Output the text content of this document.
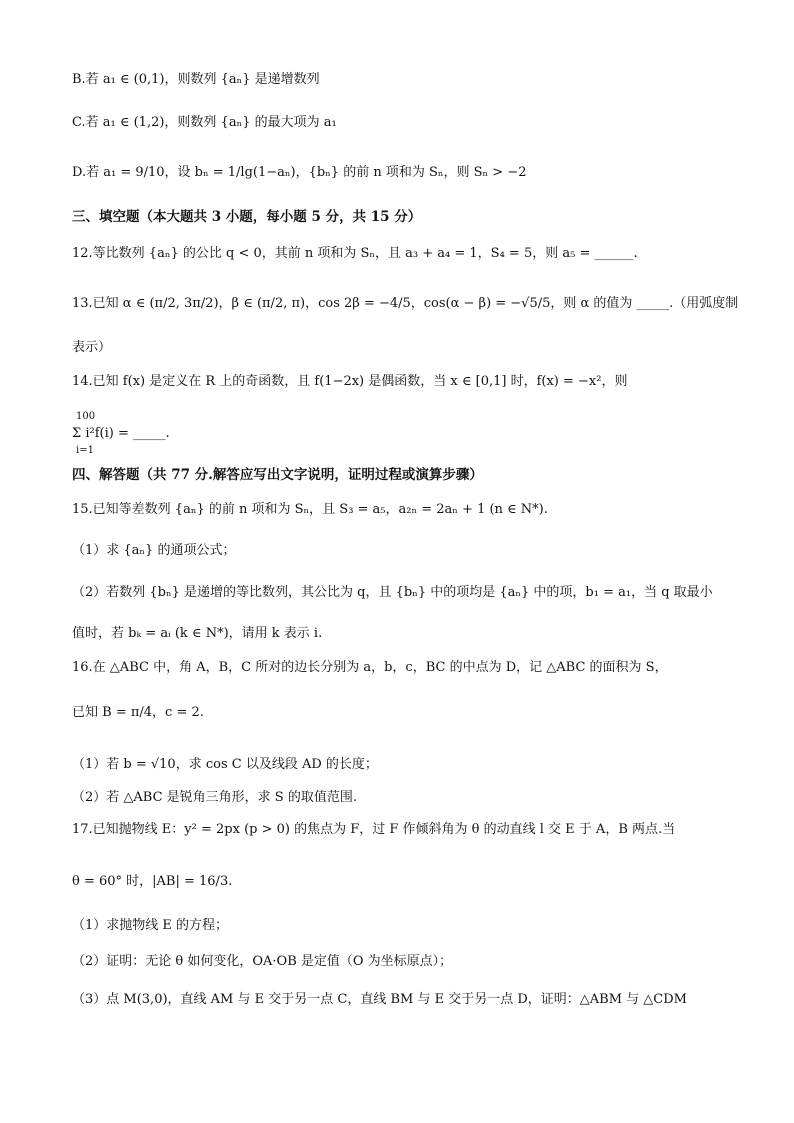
B.若 a₁ ∈ (0,1)，则数列 {aₙ} 是递增数列
C.若 a₁ ∈ (1,2)，则数列 {aₙ} 的最大项为 a₁
D.若 a₁ = 9/10，设 bₙ = 1/lg(1−aₙ)，{bₙ} 的前 n 项和为 Sₙ，则 Sₙ > −2
三、填空题（本大题共 3 小题，每小题 5 分，共 15 分）
12.等比数列 {aₙ} 的公比 q < 0，其前 n 项和为 Sₙ，且 a₃ + a₄ = 1，S₄ = 5，则 a₅ = ______.
13.已知 α ∈ (π/2, 3π/2)，β ∈ (π/2, π)，cos 2β = −4/5，cos(α − β) = −√5/5，则 α 的值为 _____.（用弧度制
表示）
14.已知 f(x) 是定义在 R 上的奇函数，且 f(1−2x) 是偶函数，当 x ∈ [0,1] 时，f(x) = −x²，则
100
Σ i²f(i) = _____.
i=1
四、解答题（共 77 分.解答应写出文字说明，证明过程或演算步骤）
15.已知等差数列 {aₙ} 的前 n 项和为 Sₙ，且 S₃ = a₅，a₂ₙ = 2aₙ + 1 (n ∈ N*).
（1）求 {aₙ} 的通项公式；
（2）若数列 {bₙ} 是递增的等比数列，其公比为 q，且 {bₙ} 中的项均是 {aₙ} 中的项，b₁ = a₁，当 q 取最小
值时，若 bₖ = aᵢ (k ∈ N*)，请用 k 表示 i.
16.在 △ABC 中，角 A，B，C 所对的边长分别为 a，b，c，BC 的中点为 D，记 △ABC 的面积为 S，
已知 B = π/4，c = 2.
（1）若 b = √10，求 cos C 以及线段 AD 的长度；
（2）若 △ABC 是锐角三角形，求 S 的取值范围.
17.已知抛物线 E：y² = 2px (p > 0) 的焦点为 F，过 F 作倾斜角为 θ 的动直线 l 交 E 于 A，B 两点.当
θ = 60° 时，|AB| = 16/3.
（1）求抛物线 E 的方程；
（2）证明：无论 θ 如何变化，OA·OB 是定值（O 为坐标原点）；
（3）点 M(3,0)，直线 AM 与 E 交于另一点 C，直线 BM 与 E 交于另一点 D，证明：△ABM 与 △CDM
